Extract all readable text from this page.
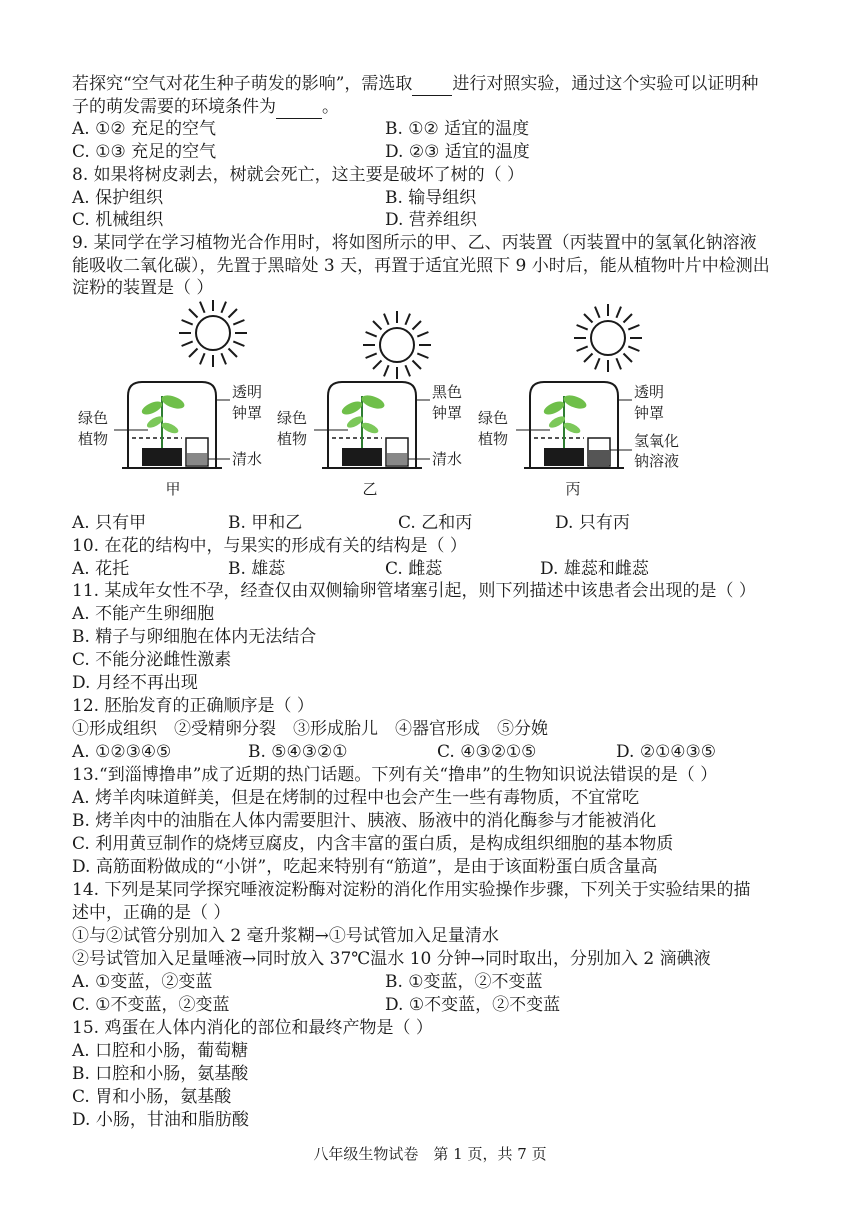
若探究“空气对花生种子萌发的影响”，需选取 进行对照实验，通过这个实验可以证明种
子的萌发需要的环境条件为	。
A. ①② 充足的空气	B. ①② 适宜的温度
C. ①③ 充足的空气	D. ②③ 适宜的温度
8. 如果将树皮剥去，树就会死亡，这主要是破坏了树的（ ）
A. 保护组织	B. 输导组织
C. 机械组织	D. 营养组织
9. 某同学在学习植物光合作用时，将如图所示的甲、乙、丙装置（丙装置中的氢氧化钠溶液
能吸收二氧化碳），先置于黑暗处 3 天，再置于适宜光照下 9 小时后，能从植物叶片中检测出
淀粉的装置是（ ）
绿色
植物
透明
钟罩
清水
甲
绿色
植物
黑色
钟罩
清水
乙
绿色
植物
透明
钟罩
氢氧化
钠溶液
丙
A. 只有甲	B. 甲和乙	C. 乙和丙	D. 只有丙
10. 在花的结构中，与果实的形成有关的结构是（ ）
A. 花托	B. 雄蕊	C. 雌蕊	D. 雄蕊和雌蕊
11. 某成年女性不孕，经查仅由双侧输卵管堵塞引起，则下列描述中该患者会出现的是（ ）
A. 不能产生卵细胞
B. 精子与卵细胞在体内无法结合
C. 不能分泌雌性激素
D. 月经不再出现
12. 胚胎发育的正确顺序是（ ）
①形成组织　②受精卵分裂　③形成胎儿　④器官形成　⑤分娩
A. ①②③④⑤	B. ⑤④③②①	C. ④③②①⑤	D. ②①④③⑤
13.“到淄博撸串”成了近期的热门话题。下列有关“撸串”的生物知识说法错误的是（ ）
A. 烤羊肉味道鲜美，但是在烤制的过程中也会产生一些有毒物质，不宜常吃
B. 烤羊肉中的油脂在人体内需要胆汁、胰液、肠液中的消化酶参与才能被消化
C. 利用黄豆制作的烧烤豆腐皮，内含丰富的蛋白质，是构成组织细胞的基本物质
D. 高筋面粉做成的“小饼”，吃起来特别有“筋道”，是由于该面粉蛋白质含量高
14. 下列是某同学探究唾液淀粉酶对淀粉的消化作用实验操作步骤，下列关于实验结果的描
述中，正确的是（ ）
①与②试管分别加入 2 毫升浆糊→①号试管加入足量清水
②号试管加入足量唾液→同时放入 37℃温水 10 分钟→同时取出，分别加入 2 滴碘液
A. ①变蓝，②变蓝	B. ①变蓝，②不变蓝
C. ①不变蓝，②变蓝	D. ①不变蓝，②不变蓝
15. 鸡蛋在人体内消化的部位和最终产物是（ ）
A. 口腔和小肠，葡萄糖
B. 口腔和小肠，氨基酸
C. 胃和小肠，氨基酸
D. 小肠，甘油和脂肪酸
八年级生物试卷　第 1 页，共 7 页
